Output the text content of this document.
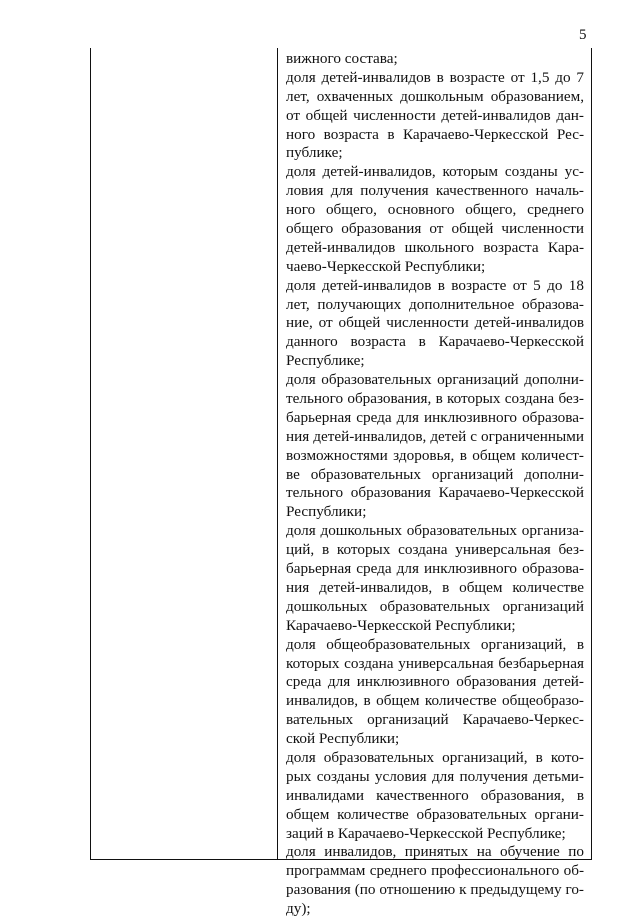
5
вижного состава;
доля детей-инвалидов в возрасте от 1,5 до 7
лет, охваченных дошкольным образованием,
от общей численности детей-инвалидов дан-
ного возраста в Карачаево-Черкесской Рес-
публике;
доля детей-инвалидов, которым созданы ус-
ловия для получения качественного началь-
ного общего, основного общего, среднего
общего образования от общей численности
детей-инвалидов школьного возраста Кара-
чаево-Черкесской Республики;
доля детей-инвалидов в возрасте от 5 до 18
лет, получающих дополнительное образова-
ние, от общей численности детей-инвалидов
данного возраста в Карачаево-Черкесской
Республике;
доля образовательных организаций дополни-
тельного образования, в которых создана без-
барьерная среда для инклюзивного образова-
ния детей-инвалидов, детей с ограниченными
возможностями здоровья, в общем количест-
ве образовательных организаций дополни-
тельного образования Карачаево-Черкесской
Республики;
доля дошкольных образовательных организа-
ций, в которых создана универсальная без-
барьерная среда для инклюзивного образова-
ния детей-инвалидов, в общем количестве
дошкольных образовательных организаций
Карачаево-Черкесской Республики;
доля общеобразовательных организаций, в
которых создана универсальная безбарьерная
среда для инклюзивного образования детей-
инвалидов, в общем количестве общеобразо-
вательных организаций Карачаево-Черкес-
ской Республики;
доля образовательных организаций, в кото-
рых созданы условия для получения детьми-
инвалидами качественного образования, в
общем количестве образовательных органи-
заций в Карачаево-Черкесской Республике;
доля инвалидов, принятых на обучение по
программам среднего профессионального об-
разования (по отношению к предыдущему го-
ду);
